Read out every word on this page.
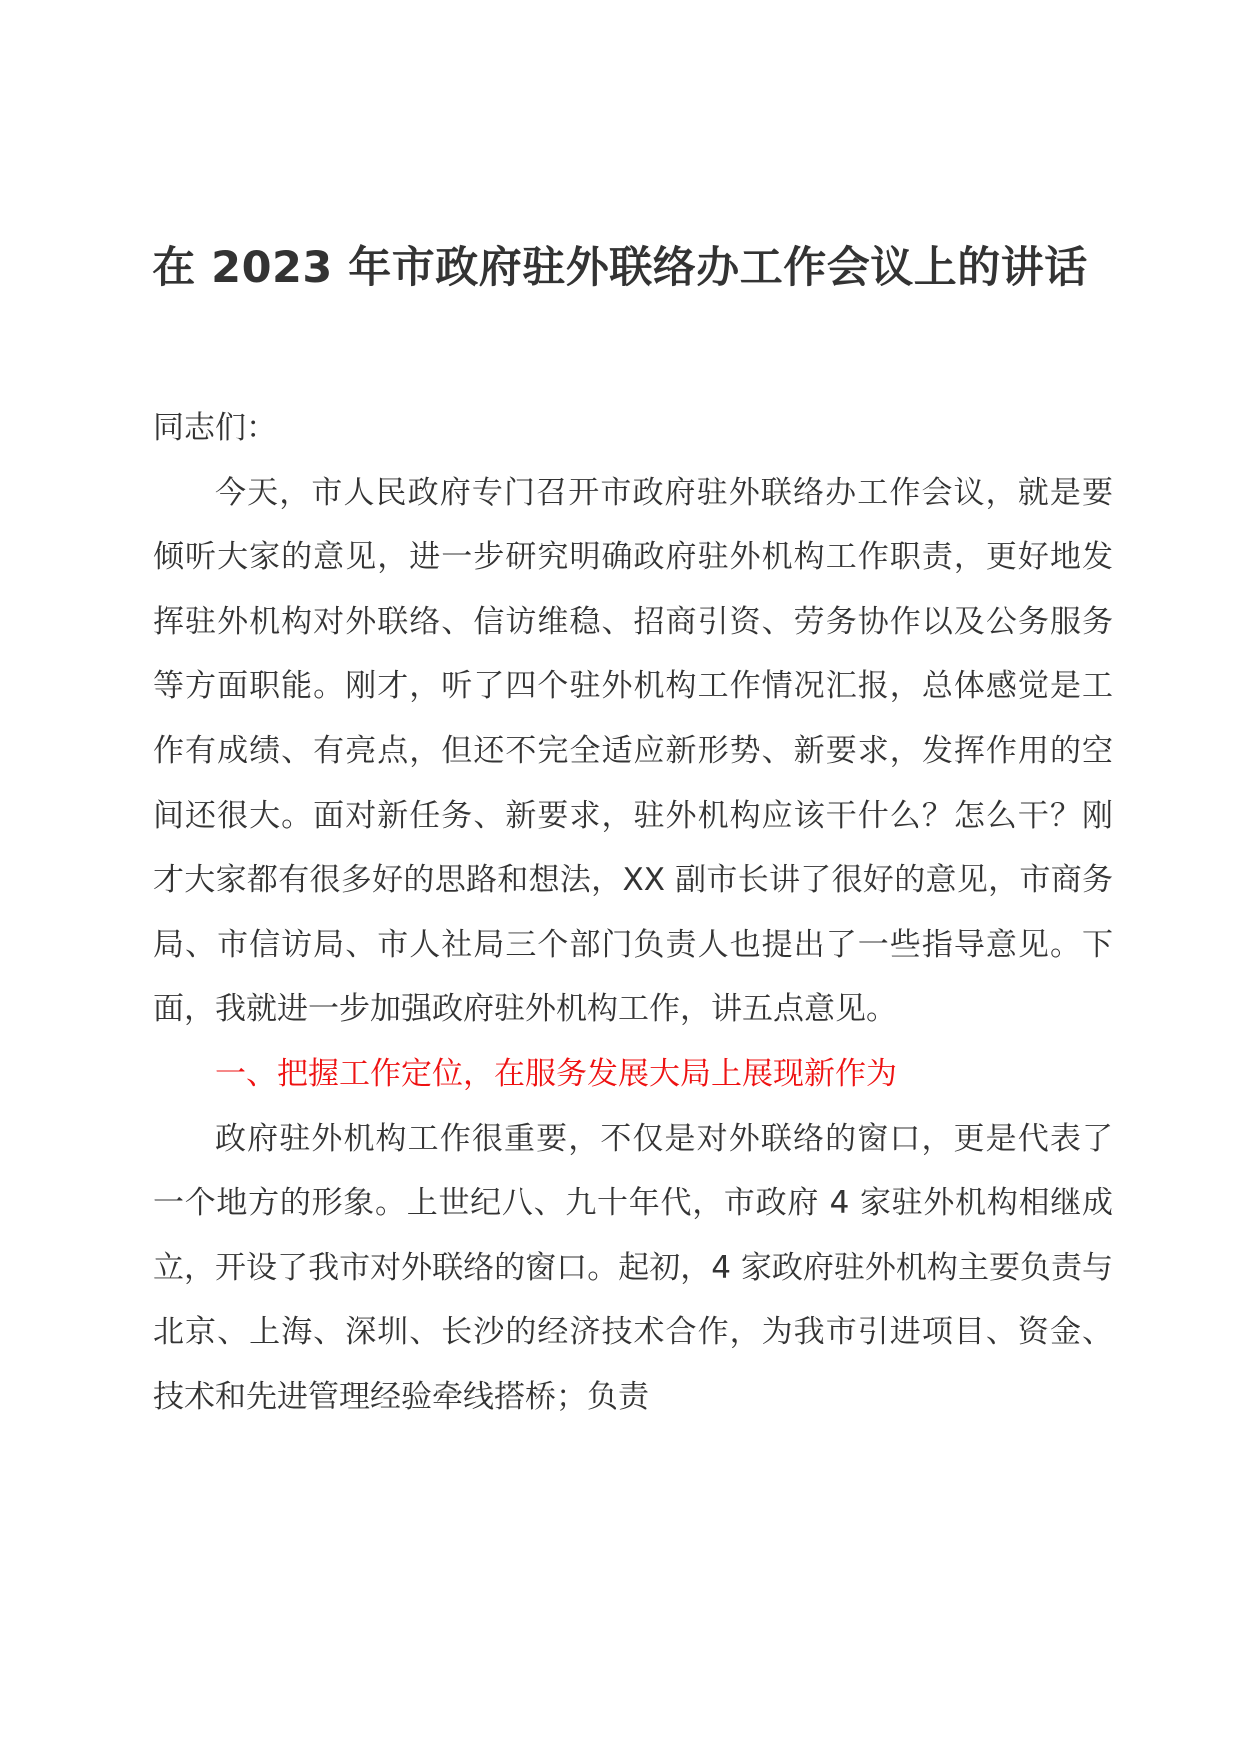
在 2023 年市政府驻外联络办工作会议上的讲话

同志们：

今天，市人民政府专门召开市政府驻外联络办工作会议，就是要倾听大家的意见，进一步研究明确政府驻外机构工作职责，更好地发挥驻外机构对外联络、信访维稳、招商引资、劳务协作以及公务服务等方面职能。刚才，听了四个驻外机构工作情况汇报，总体感觉是工作有成绩、有亮点，但还不完全适应新形势、新要求，发挥作用的空间还很大。面对新任务、新要求，驻外机构应该干什么？怎么干？刚才大家都有很多好的思路和想法，XX 副市长讲了很好的意见，市商务局、市信访局、市人社局三个部门负责人也提出了一些指导意见。下面，我就进一步加强政府驻外机构工作，讲五点意见。

一、把握工作定位，在服务发展大局上展现新作为

政府驻外机构工作很重要，不仅是对外联络的窗口，更是代表了一个地方的形象。上世纪八、九十年代，市政府 4 家驻外机构相继成立，开设了我市对外联络的窗口。起初，4 家政府驻外机构主要负责与北京、上海、深圳、长沙的经济技术合作，为我市引进项目、资金、技术和先进管理经验牵线搭桥；负责
